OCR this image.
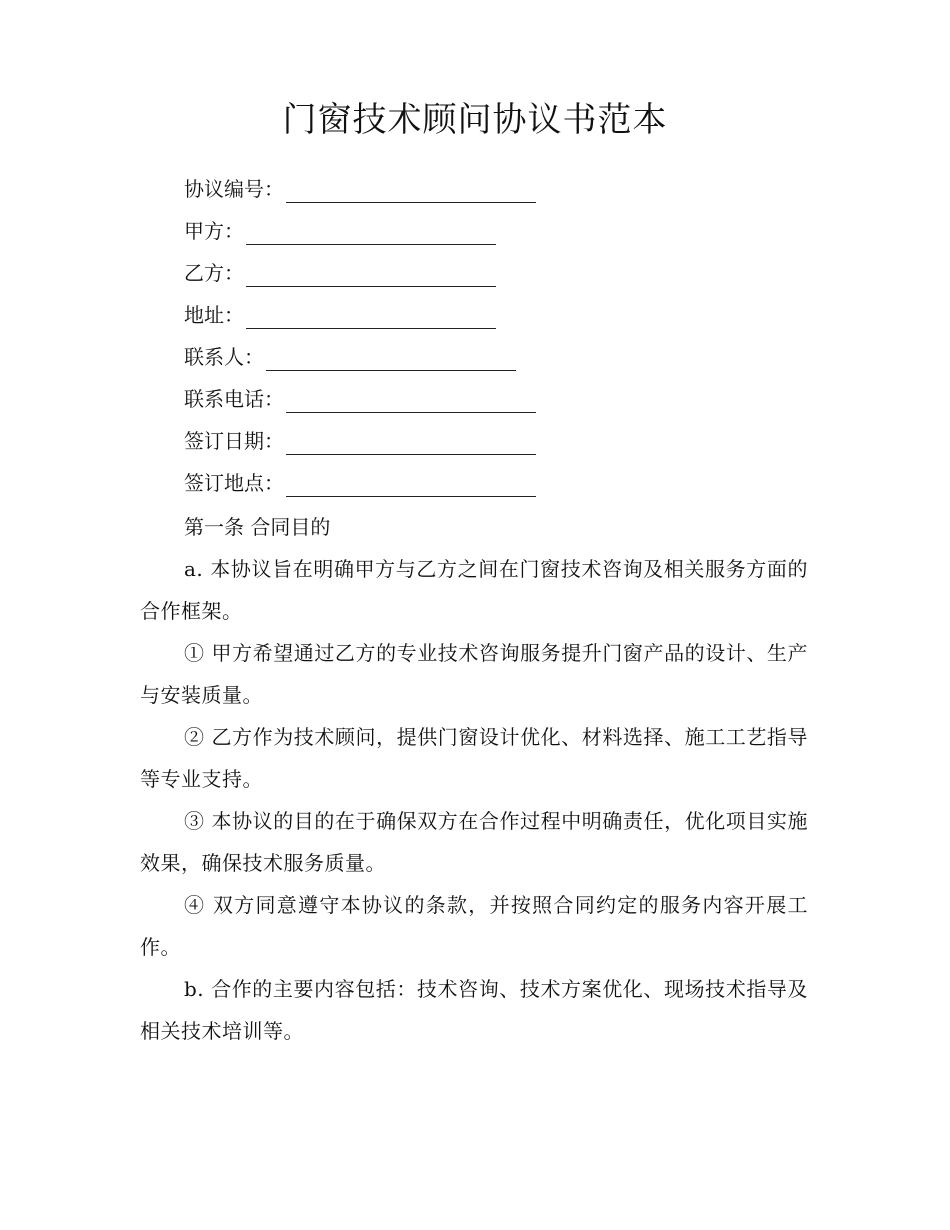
门窗技术顾问协议书范本
协议编号：
甲方：
乙方：
地址：
联系人：
联系电话：
签订日期：
签订地点：
第一条 合同目的

a. 本协议旨在明确甲方与乙方之间在门窗技术咨询及相关服务方面的合作框架。

① 甲方希望通过乙方的专业技术咨询服务提升门窗产品的设计、生产与安装质量。

② 乙方作为技术顾问，提供门窗设计优化、材料选择、施工工艺指导等专业支持。

③ 本协议的目的在于确保双方在合作过程中明确责任，优化项目实施效果，确保技术服务质量。

④ 双方同意遵守本协议的条款，并按照合同约定的服务内容开展工作。

b. 合作的主要内容包括：技术咨询、技术方案优化、现场技术指导及相关技术培训等。
